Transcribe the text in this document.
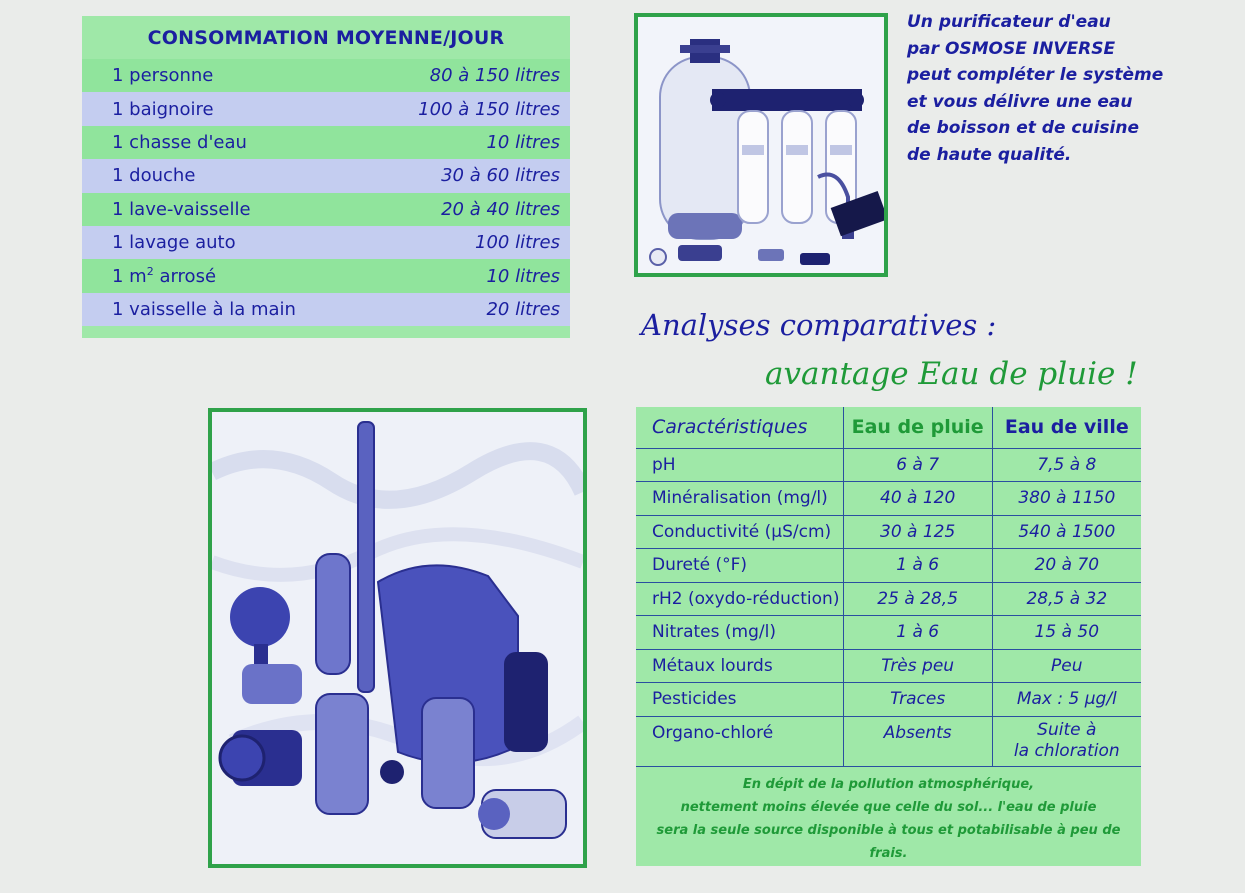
CONSOMMATION MOYENNE/JOUR
1 personne	80 à 150 litres
1 baignoire	100 à 150 litres
1 chasse d'eau	10 litres
1 douche	30 à 60 litres
1 lave-vaisselle	20 à 40 litres
1 lavage auto	100 litres
1 $m^2$ arrosé	10 litres
1 vaisselle à la main	20 litres
Un purificateur d'eau
par OSMOSE INVERSE
peut compléter le système
et vous délivre une eau
de boisson et de cuisine
de haute qualité.
Analyses comparatives :
avantage Eau de pluie !
Caractéristiques	Eau de pluie	Eau de ville
pH	6 à 7	7,5 à 8
Minéralisation (mg/l)	40 à 120	380 à 1150
Conductivité (µS/cm)	30 à 125	540 à 1500
Dureté (°F)	1 à 6	20 à 70
rH2 (oxydo-réduction)	25 à 28,5	28,5 à 32
Nitrates (mg/l)	1 à 6	15 à 50
Métaux lourds	Très peu	Peu
Pesticides	Traces	Max : 5 µg/l
Organo-chloré	Absents	Suite à
la chloration
En dépit de la pollution atmosphérique,
nettement moins élevée que celle du sol... l'eau de pluie
sera la seule source disponible à tous et potabilisable à peu de frais.
